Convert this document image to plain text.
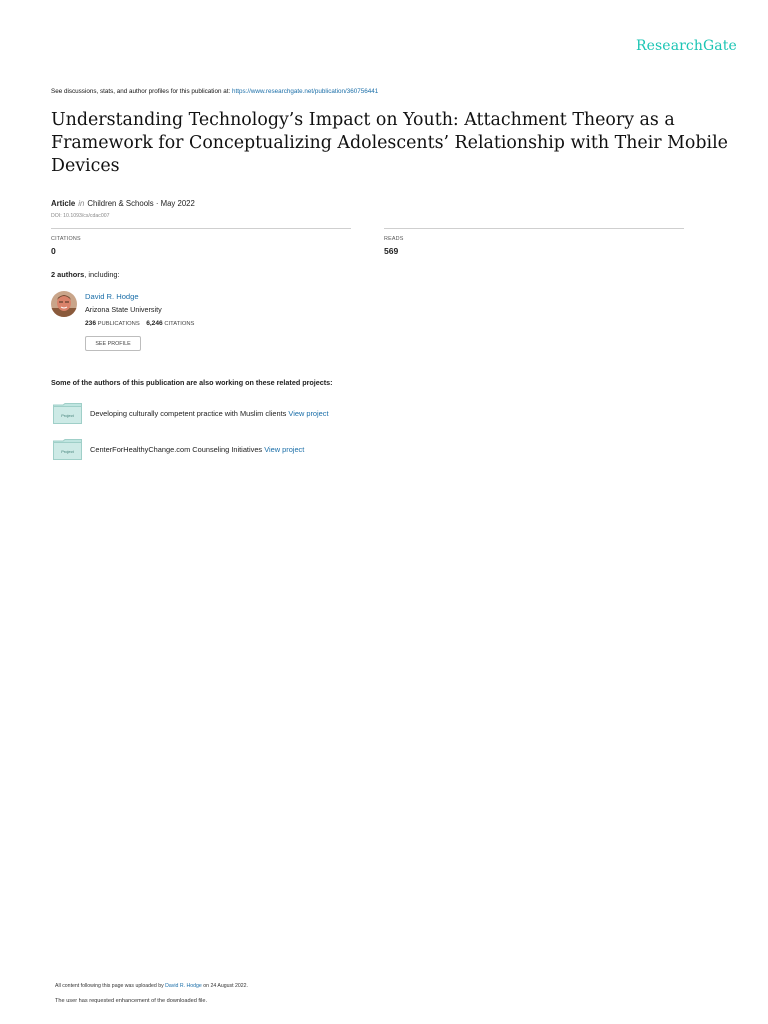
ResearchGate
See discussions, stats, and author profiles for this publication at: https://www.researchgate.net/publication/360756441
Understanding Technology’s Impact on Youth: Attachment Theory as a Framework for Conceptualizing Adolescents’ Relationship with Their Mobile Devices
Article in Children & Schools · May 2022
DOI: 10.1093/cs/cdac007
CITATIONS
0
READS
569
2 authors, including:
David R. Hodge
Arizona State University
236 PUBLICATIONS 6,246 CITATIONS
SEE PROFILE
Some of the authors of this publication are also working on these related projects:
Project Developing culturally competent practice with Muslim clients View project
Project CenterForHealthyChange.com Counseling Initiatives View project
All content following this page was uploaded by David R. Hodge on 24 August 2022.
The user has requested enhancement of the downloaded file.
